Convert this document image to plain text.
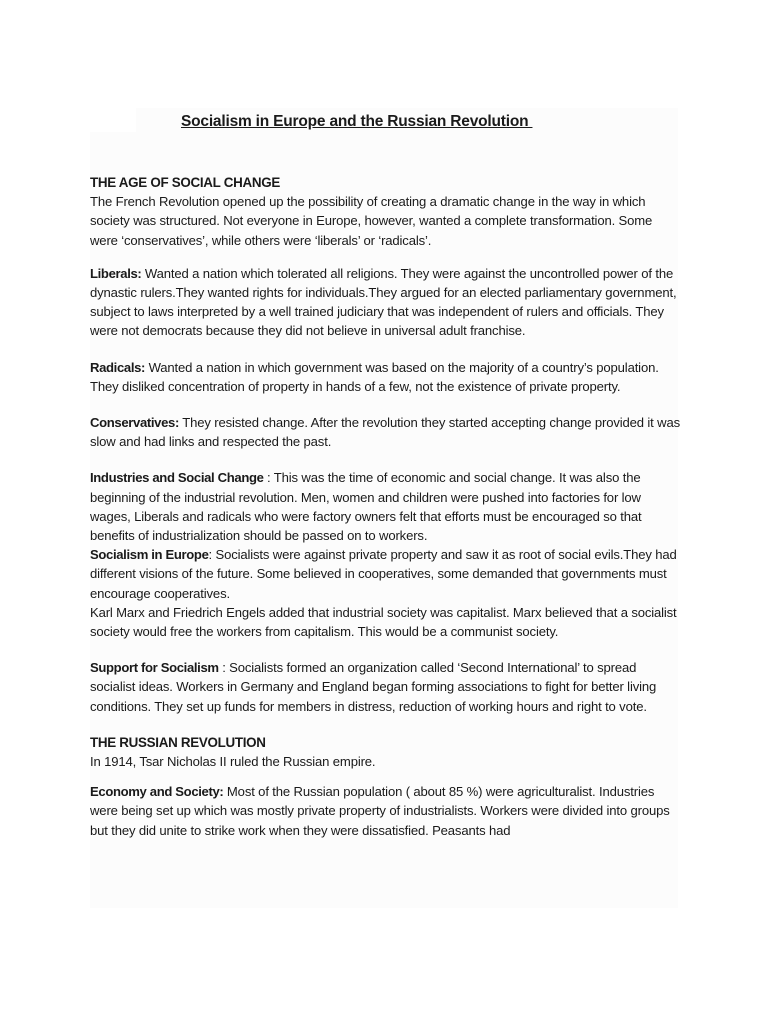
Socialism in Europe and the Russian Revolution
THE AGE OF SOCIAL CHANGE

The French Revolution opened up the possibility of creating a dramatic change in the way in which society was structured. Not everyone in Europe, however, wanted a complete transformation. Some were ‘conservatives’, while others were ‘liberals’ or ‘radicals’.

Liberals: Wanted a nation which tolerated all religions. They were against the uncontrolled power of the dynastic rulers.They wanted rights for individuals.They argued for an elected parliamentary government, subject to laws interpreted by a well trained judiciary that was independent of rulers and officials. They were not democrats because they did not believe in universal adult franchise.

Radicals: Wanted a nation in which government was based on the majority of a country’s population. They disliked concentration of property in hands of a few, not the existence of private property.

Conservatives: They resisted change. After the revolution they started accepting change provided it was slow and had links and respected the past.

Industries and Social Change : This was the time of economic and social change. It was also the beginning of the industrial revolution. Men, women and children were pushed into factories for low wages, Liberals and radicals who were factory owners felt that efforts must be encouraged so that benefits of industrialization should be passed on to workers.

Socialism in Europe: Socialists were against private property and saw it as root of social evils.They had different visions of the future. Some believed in cooperatives, some demanded that governments must encourage cooperatives.

Karl Marx and Friedrich Engels added that industrial society was capitalist. Marx believed that a socialist society would free the workers from capitalism. This would be a communist society.

Support for Socialism : Socialists formed an organization called ‘Second International’ to spread socialist ideas. Workers in Germany and England began forming associations to fight for better living conditions. They set up funds for members in distress, reduction of working hours and right to vote.

THE RUSSIAN REVOLUTION

In 1914, Tsar Nicholas II ruled the Russian empire.

Economy and Society: Most of the Russian population ( about 85 %) were agriculturalist. Industries were being set up which was mostly private property of industrialists. Workers were divided into groups but they did unite to strike work when they were dissatisfied. Peasants had
